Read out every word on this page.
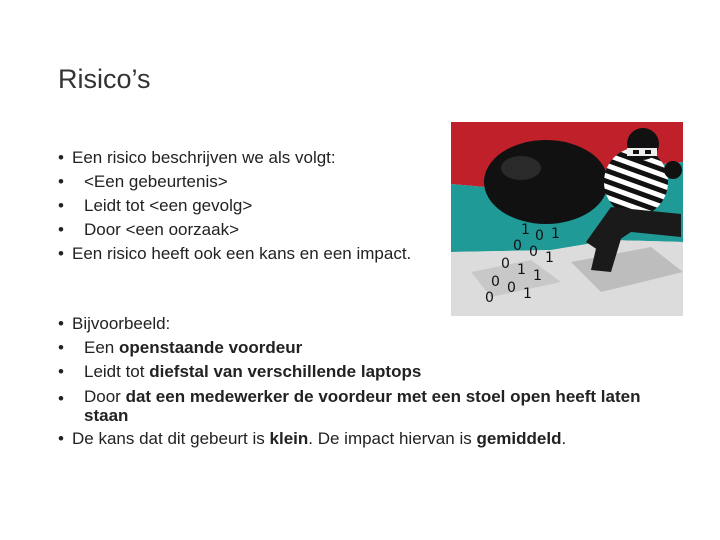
Risico’s
• Een risico beschrijven we als volgt:
•	<Een gebeurtenis>
•	Leidt tot <een gevolg>
•	Door <een oorzaak>
• Een risico heeft ook een kans en een impact.
• Bijvoorbeeld:
•	Een openstaande voordeur
•	Leidt tot diefstal van verschillende laptops
•	Door dat een medewerker de voordeur met een stoel open heeft laten staan
• De kans dat dit gebeurt is klein. De impact hiervan is gemiddeld.
1 0 0
1 0 1
0 0 1
0 1 1
0 0 1
0
